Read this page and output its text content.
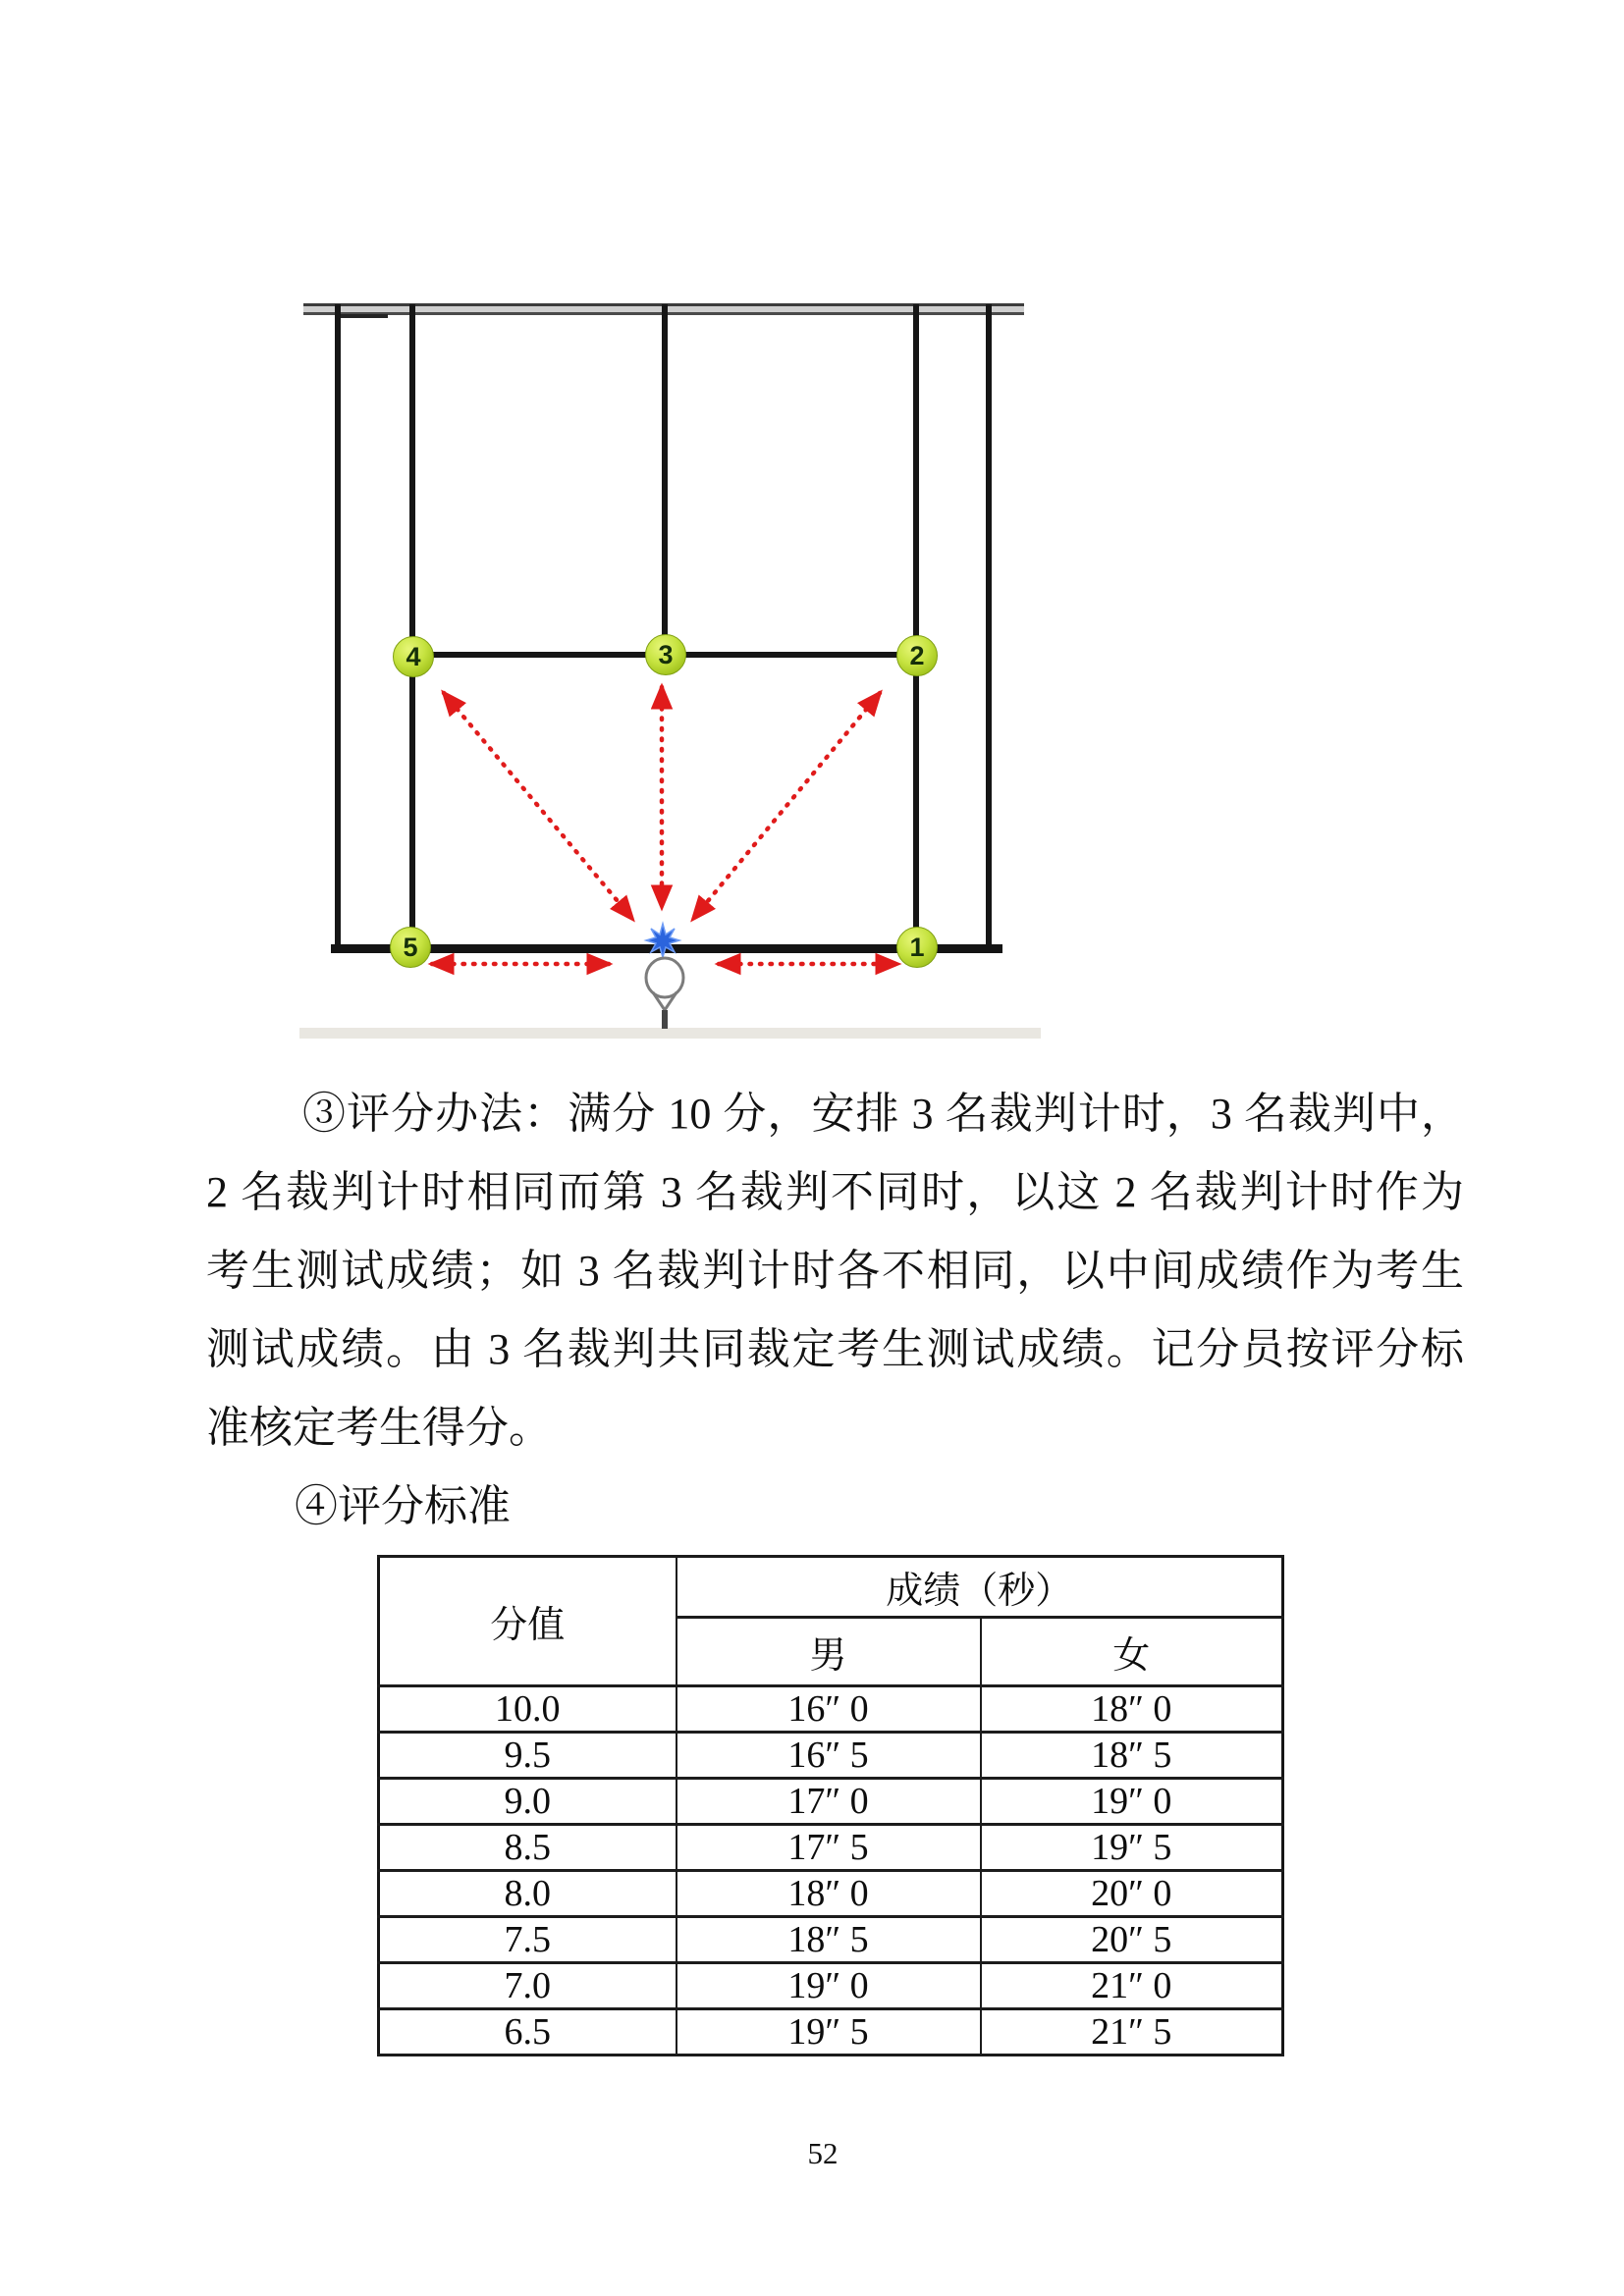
4	3	2
5	1
③评分办法：满分 10 分，安排 3 名裁判计时，3 名裁判中，
2 名裁判计时相同而第 3 名裁判不同时，以这 2 名裁判计时作为
考生测试成绩；如 3 名裁判计时各不相同，以中间成绩作为考生
测试成绩。由 3 名裁判共同裁定考生测试成绩。记分员按评分标
准核定考生得分。
④评分标准
分值	成绩（秒）	
	男	女
10.0	16″ 0	18″ 0
9.5	16″ 5	18″ 5
9.0	17″ 0	19″ 0
8.5	17″ 5	19″ 5
8.0	18″ 0	20″ 0
7.5	18″ 5	20″ 5
7.0	19″ 0	21″ 0
6.5	19″ 5	21″ 5
52
